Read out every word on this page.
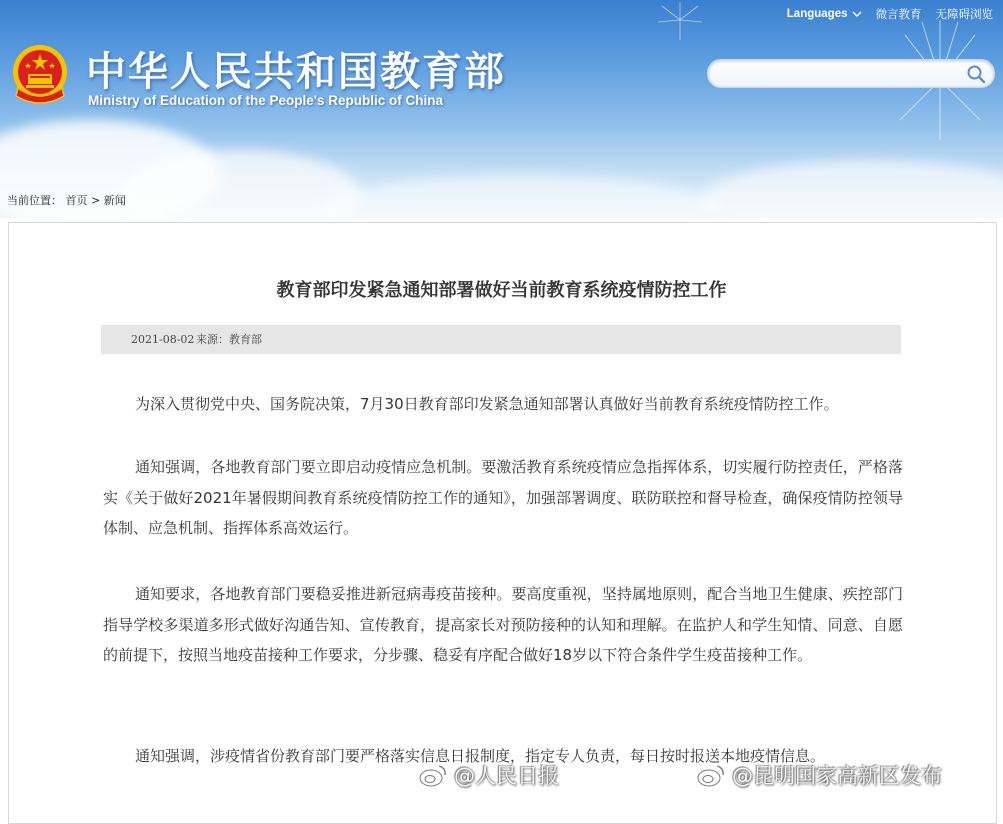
中华人民共和国教育部
Ministry of Education of the People's Republic of China
Languages 微言教育 无障碍浏览
当前位置： 首页 > 新闻
教育部印发紧急通知部署做好当前教育系统疫情防控工作
2021-08-02 来源：教育部

为深入贯彻党中央、国务院决策，7月30日教育部印发紧急通知部署认真做好当前教育系统疫情防控工作。

通知强调，各地教育部门要立即启动疫情应急机制。要激活教育系统疫情应急指挥体系，切实履行防控责任，严格落实《关于做好2021年暑假期间教育系统疫情防控工作的通知》，加强部署调度、联防联控和督导检查，确保疫情防控领导体制、应急机制、指挥体系高效运行。

通知要求，各地教育部门要稳妥推进新冠病毒疫苗接种。要高度重视，坚持属地原则，配合当地卫生健康、疾控部门指导学校多渠道多形式做好沟通告知、宣传教育，提高家长对预防接种的认知和理解。在监护人和学生知情、同意、自愿的前提下，按照当地疫苗接种工作要求，分步骤、稳妥有序配合做好18岁以下符合条件学生疫苗接种工作。

通知强调，涉疫情省份教育部门要严格落实信息日报制度，指定专人负责，每日按时报送本地疫情信息。

@人民日报	@昆明国家高新区发布
